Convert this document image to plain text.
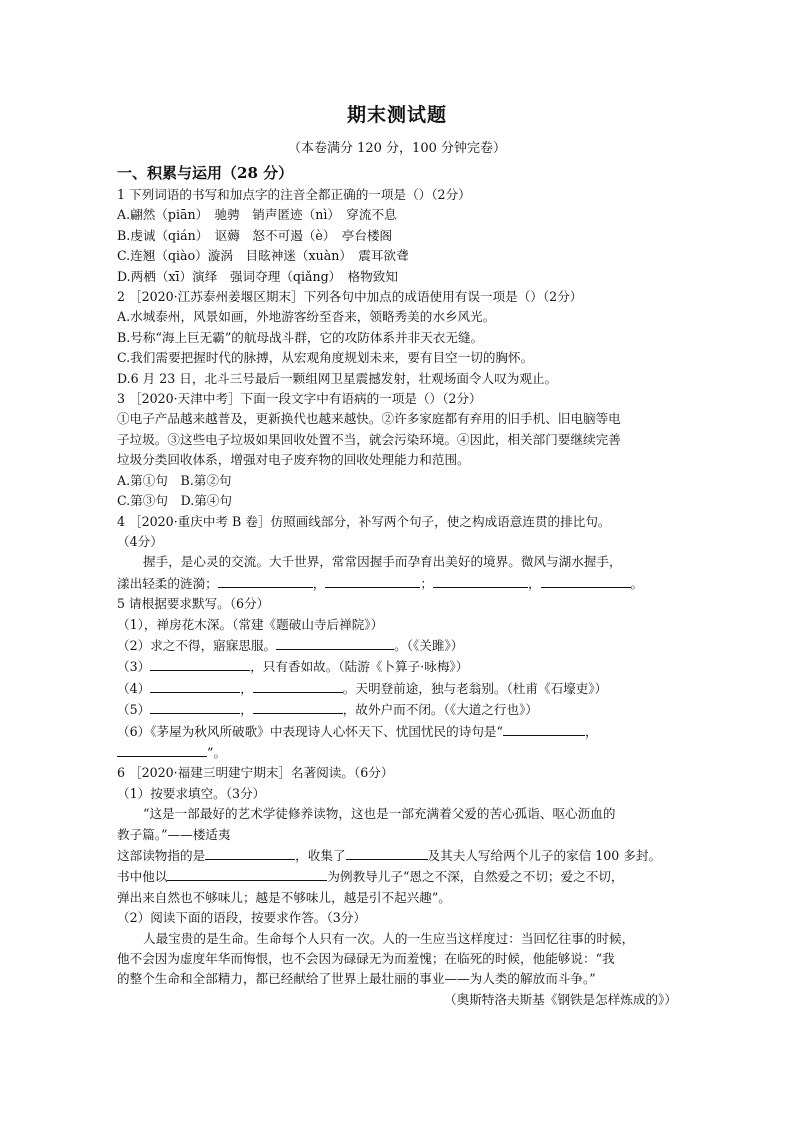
期末测试题
（本卷满分 120 分，100 分钟完卷）
一、积累与运用（28 分）
1 下列词语的书写和加点字的注音全都正确的一项是（）（2分）
A.翩然（piān）　驰骋　销声匿迹（nì）　穿流不息
B.虔诚（qián）　讴薅　怒不可遏（è）　亭台楼阁
C.连翘（qiào）漩涡　目眩神迷（xuàn）　震耳欲聋
D.两栖（xī）演绎　强词夺理（qiǎng）　格物致知
2 ［2020·江苏泰州姜堰区期末］下列各句中加点的成语使用有误一项是（）（2分）
A.水城泰州，风景如画，外地游客纷至沓来，领略秀美的水乡风光。
B.号称“海上巨无霸”的航母战斗群，它的攻防体系并非天衣无缝。
C.我们需要把握时代的脉搏，从宏观角度规划未来，要有目空一切的胸怀。
D.6 月 23 日，北斗三号最后一颗组网卫星震撼发射，壮观场面令人叹为观止。
3 ［2020·天津中考］下面一段文字中有语病的一项是（）（2分）
①电子产品越来越普及，更新换代也越来越快。②许多家庭都有弃用的旧手机、旧电脑等电
子垃圾。③这些电子垃圾如果回收处置不当，就会污染环境。④因此，相关部门要继续完善
垃圾分类回收体系，增强对电子废弃物的回收处理能力和范围。
A.第①句　B.第②句
C.第③句　D.第④句
4 ［2020·重庆中考 B 卷］仿照画线部分，补写两个句子，使之构成语意连贯的排比句。
（4分）
握手，是心灵的交流。大千世界，常常因握手而孕育出美好的境界。微风与湖水握手，
漾出轻柔的涟漪；	，	；	，	。
5 请根据要求默写。（6分）
（1），禅房花木深。（常建《题破山寺后禅院》）
（2）求之不得，寤寐思服。	。（《关雎》）
（3）	，只有香如故。（陆游《卜算子·咏梅》）
（4）	，	。天明登前途，独与老翁别。（杜甫《石壕吏》）
（5）	，	，故外户而不闭。（《大道之行也》）
（6）《茅屋为秋风所破歌》中表现诗人心怀天下、忧国忧民的诗句是“	，
”。
6 ［2020·福建三明建宁期末］名著阅读。（6分）
（1）按要求填空。（3分）
“这是一部最好的艺术学徒修养读物，这也是一部充满着父爱的苦心孤诣、呕心沥血的
教子篇。”——楼适夷
这部读物指的是	，收集了	及其夫人写给两个儿子的家信 100 多封。
书中他以	为例教导儿子“恩之不深，自然爱之不切；爱之不切，
弹出来自然也不够味儿；越是不够味儿，越是引不起兴趣”。
（2）阅读下面的语段，按要求作答。（3分）
人最宝贵的是生命。生命每个人只有一次。人的一生应当这样度过：当回忆往事的时候，
他不会因为虚度年华而悔恨，也不会因为碌碌无为而羞愧；在临死的时候，他能够说：“我
的整个生命和全部精力，都已经献给了世界上最壮丽的事业——为人类的解放而斗争。”
（奥斯特洛夫斯基《钢铁是怎样炼成的》）
